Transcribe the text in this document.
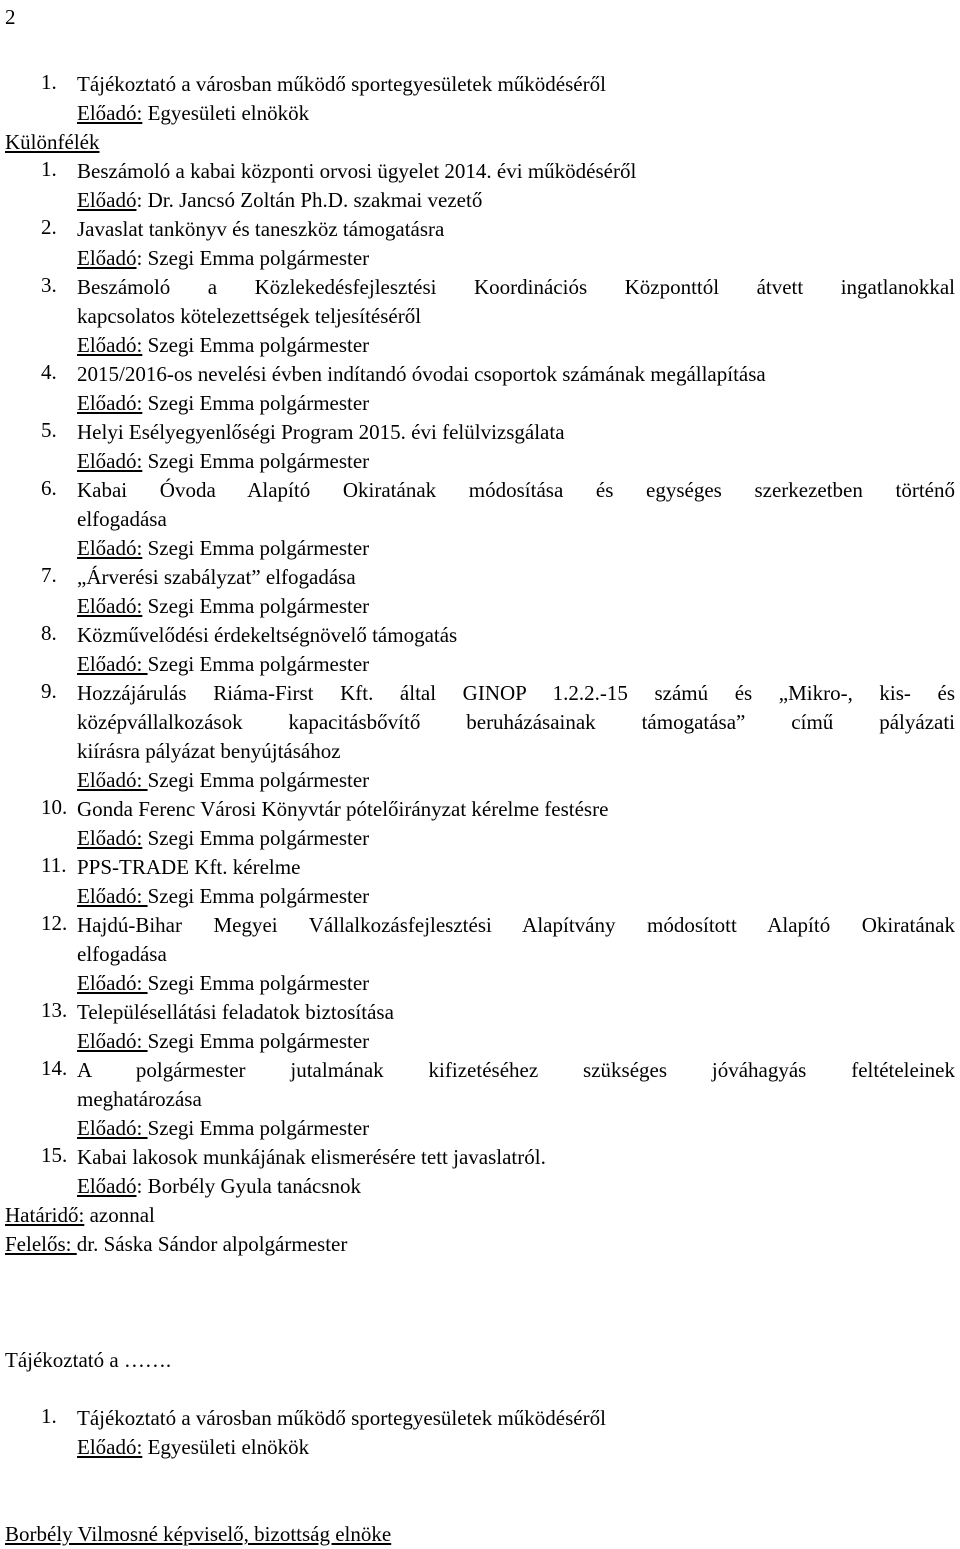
2
1. Tájékoztató a városban működő sportegyesületek működéséről
Előadó: Egyesületi elnökök
Különfélék
1. Beszámoló a kabai központi orvosi ügyelet 2014. évi működéséről
Előadó: Dr. Jancsó Zoltán Ph.D. szakmai vezető
2. Javaslat tankönyv és taneszköz támogatásra
Előadó: Szegi Emma polgármester
3. Beszámoló a Közlekedésfejlesztési Koordinációs Központtól átvett ingatlanokkal
kapcsolatos kötelezettségek teljesítéséről
Előadó: Szegi Emma polgármester
4. 2015/2016-os nevelési évben indítandó óvodai csoportok számának megállapítása
Előadó: Szegi Emma polgármester
5. Helyi Esélyegyenlőségi Program 2015. évi felülvizsgálata
Előadó: Szegi Emma polgármester
6. Kabai Óvoda Alapító Okiratának módosítása és egységes szerkezetben történő
elfogadása
Előadó: Szegi Emma polgármester
7. „Árverési szabályzat” elfogadása
Előadó: Szegi Emma polgármester
8. Közművelődési érdekeltségnövelő támogatás
Előadó: Szegi Emma polgármester
9. Hozzájárulás Riáma-First Kft. által GINOP 1.2.2.-15 számú és „Mikro-, kis- és
középvállalkozások kapacitásbővítő beruházásainak támogatása” című pályázati
kiírásra pályázat benyújtásához
Előadó: Szegi Emma polgármester
10. Gonda Ferenc Városi Könyvtár pótelőirányzat kérelme festésre
Előadó: Szegi Emma polgármester
11. PPS-TRADE Kft. kérelme
Előadó: Szegi Emma polgármester
12. Hajdú-Bihar Megyei Vállalkozásfejlesztési Alapítvány módosított Alapító Okiratának
elfogadása
Előadó: Szegi Emma polgármester
13. Településellátási feladatok biztosítása
Előadó: Szegi Emma polgármester
14. A polgármester jutalmának kifizetéséhez szükséges jóváhagyás feltételeinek
meghatározása
Előadó: Szegi Emma polgármester
15. Kabai lakosok munkájának elismerésére tett javaslatról.
Előadó: Borbély Gyula tanácsnok
Határidő: azonnal
Felelős: dr. Sáska Sándor alpolgármester
Tájékoztató a …….
1. Tájékoztató a városban működő sportegyesületek működéséről
Előadó: Egyesületi elnökök
Borbély Vilmosné képviselő, bizottság elnöke
